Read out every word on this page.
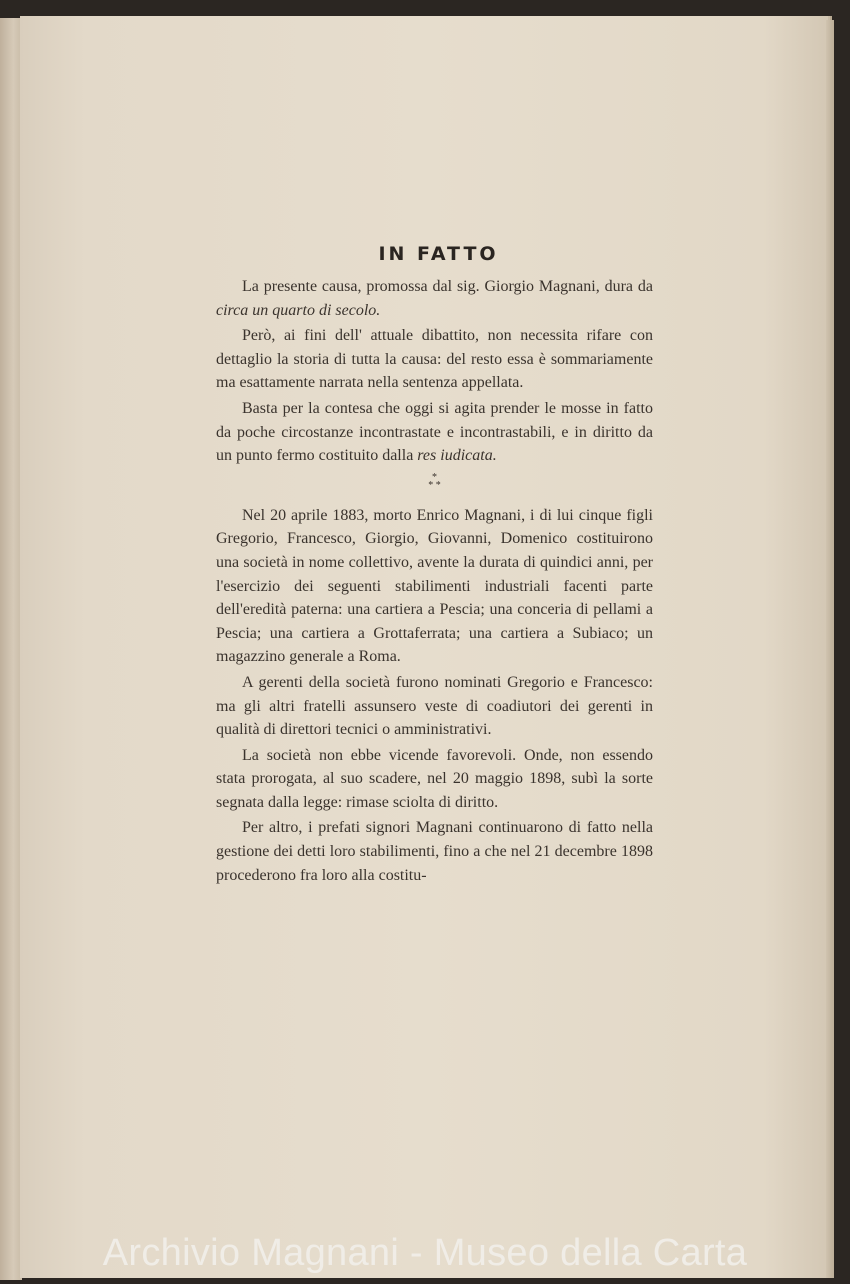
IN FATTO

La presente causa, promossa dal sig. Giorgio Magnani, dura da circa un quarto di secolo.

Però, ai fini dell' attuale dibattito, non necessita rifare con dettaglio la storia di tutta la causa: del resto essa è sommariamente ma esattamente narrata nella sentenza appellata.

Basta per la contesa che oggi si agita prender le mosse in fatto da poche circostanze incontrastate e incontrastabili, e in diritto da un punto fermo costituito dalla res iudicata.

*
* *

Nel 20 aprile 1883, morto Enrico Magnani, i di lui cinque figli Gregorio, Francesco, Giorgio, Giovanni, Domenico costituirono una società in nome collettivo, avente la durata di quindici anni, per l'esercizio dei seguenti stabilimenti industriali facenti parte dell'eredità paterna: una cartiera a Pescia; una conceria di pellami a Pescia; una cartiera a Grottaferrata; una cartiera a Subiaco; un magazzino generale a Roma.

A gerenti della società furono nominati Gregorio e Francesco: ma gli altri fratelli assunsero veste di coadiutori dei gerenti in qualità di direttori tecnici o amministrativi.

La società non ebbe vicende favorevoli. Onde, non essendo stata prorogata, al suo scadere, nel 20 maggio 1898, subì la sorte segnata dalla legge: rimase sciolta di diritto.

Per altro, i prefati signori Magnani continuarono di fatto nella gestione dei detti loro stabilimenti, fino a che nel 21 decembre 1898 procederono fra loro alla costitu-

Archivio Magnani - Museo della Carta
